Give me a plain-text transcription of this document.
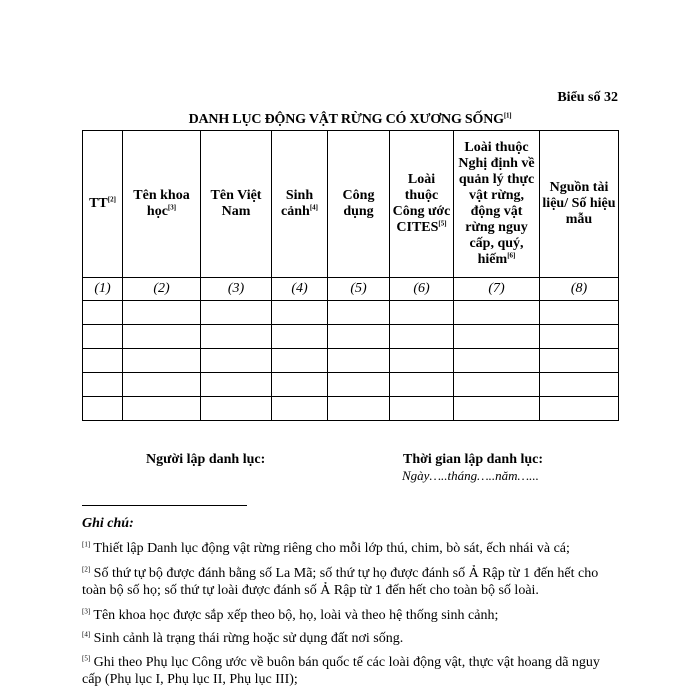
Biểu số 32
DANH LỤC ĐỘNG VẬT RỪNG CÓ XƯƠNG SỐNG[1]
TT[2]	Tên khoa học[3]	Tên Việt Nam	Sinh cảnh[4]	Công dụng	Loài thuộc Công ước CITES[5]	Loài thuộc Nghị định về quản lý thực vật rừng, động vật rừng nguy cấp, quý, hiếm[6]	Nguồn tài liệu/ Số hiệu mẫu
(1)	(2)	(3)	(4)	(5)	(6)	(7)	(8)

Người lập danh lục:	Thời gian lập danh lục:
Ngày…..tháng…..năm…...
Ghi chú:
[1] Thiết lập Danh lục động vật rừng riêng cho mỗi lớp thú, chim, bò sát, ếch nhái và cá;
[2] Số thứ tự bộ được đánh bằng số La Mã; số thứ tự họ được đánh số Ả Rập từ 1 đến hết cho toàn bộ số họ; số thứ tự loài được đánh số Ả Rập từ 1 đến hết cho toàn bộ số loài.
[3] Tên khoa học được sắp xếp theo bộ, họ, loài và theo hệ thống sinh cảnh;
[4] Sinh cảnh là trạng thái rừng hoặc sử dụng đất nơi sống.
[5] Ghi theo Phụ lục Công ước về buôn bán quốc tế các loài động vật, thực vật hoang dã nguy cấp (Phụ lục I, Phụ lục II, Phụ lục III);
